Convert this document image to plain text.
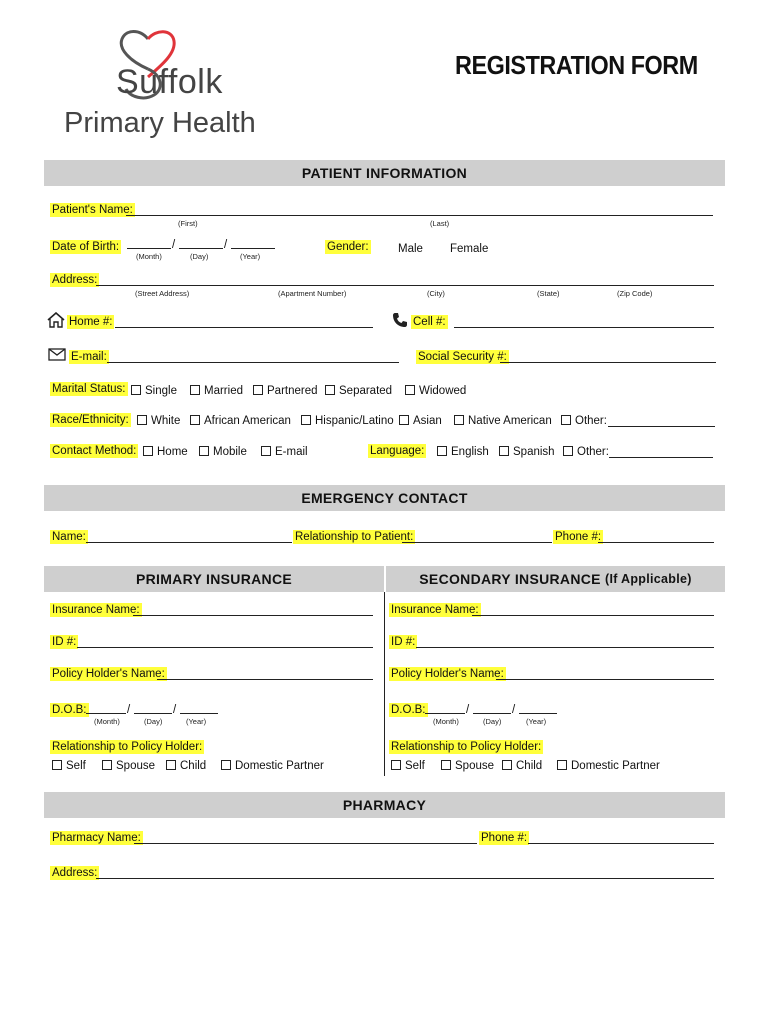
Suffolk
Primary Health
REGISTRATION FORM
PATIENT INFORMATION
Patient's Name:
(First)	(Last)
Date of Birth:	/	/
(Month)	(Day)	(Year)
Gender:	Male Female
Address:
(Street Address)	(Apartment Number)	(City)	(State)	(Zip Code)
Home #:	Cell #:
E-mail:	Social Security #:
Marital Status:	Single	Married	Partnered	Separated	Widowed
Race/Ethnicity:	White	African American	Hispanic/Latino	Asian	Native American	Other:
Contact Method:	Home	Mobile	E-mail	Language:	English	Spanish	Other:
EMERGENCY CONTACT
Name:	Relationship to Patient:	Phone #:
PRIMARY INSURANCE	SECONDARY INSURANCE
(If Applicable)
Insurance Name:
ID #:
Policy Holder's Name:
D.O.B:	/	/
(Month)	(Day)	(Year)
Relationship to Policy Holder:
Self	Spouse	Child	Domestic Partner
Insurance Name:
ID #:
Policy Holder's Name:
D.O.B:	/	/
(Month)	(Day)	(Year)
Relationship to Policy Holder:
Self	Spouse	Child	Domestic Partner
PHARMACY
Pharmacy Name:	Phone #:
Address:
